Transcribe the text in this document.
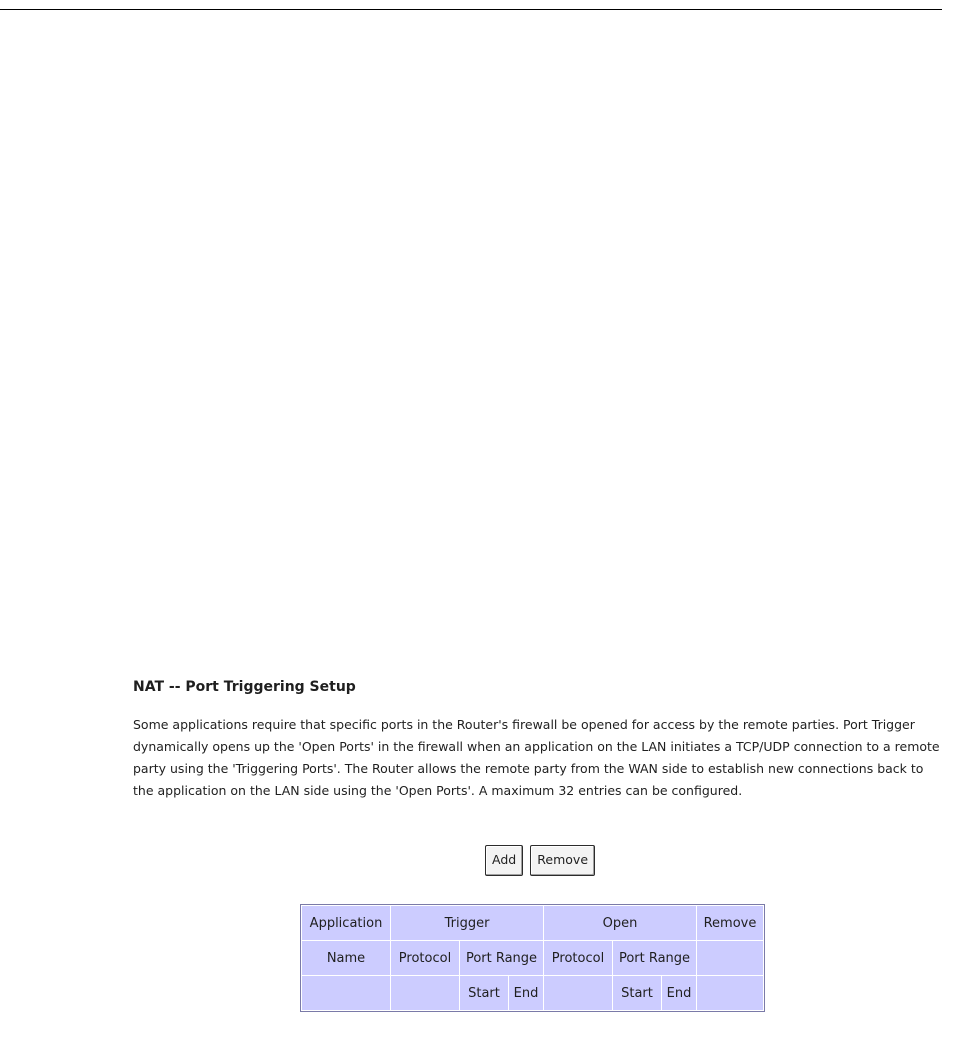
NAT -- Port Triggering Setup
Some applications require that specific ports in the Router's firewall be opened for access by the remote parties. Port Trigger dynamically opens up the 'Open Ports' in the firewall when an application on the LAN initiates a TCP/UDP connection to a remote party using the 'Triggering Ports'. The Router allows the remote party from the WAN side to establish new connections back to the application on the LAN side using the 'Open Ports'. A maximum 32 entries can be configured.
Add Remove
Application	Trigger			Open			Remove
Name	Protocol	Port Range		Protocol	Port Range		
		Start	End		Start	End	
